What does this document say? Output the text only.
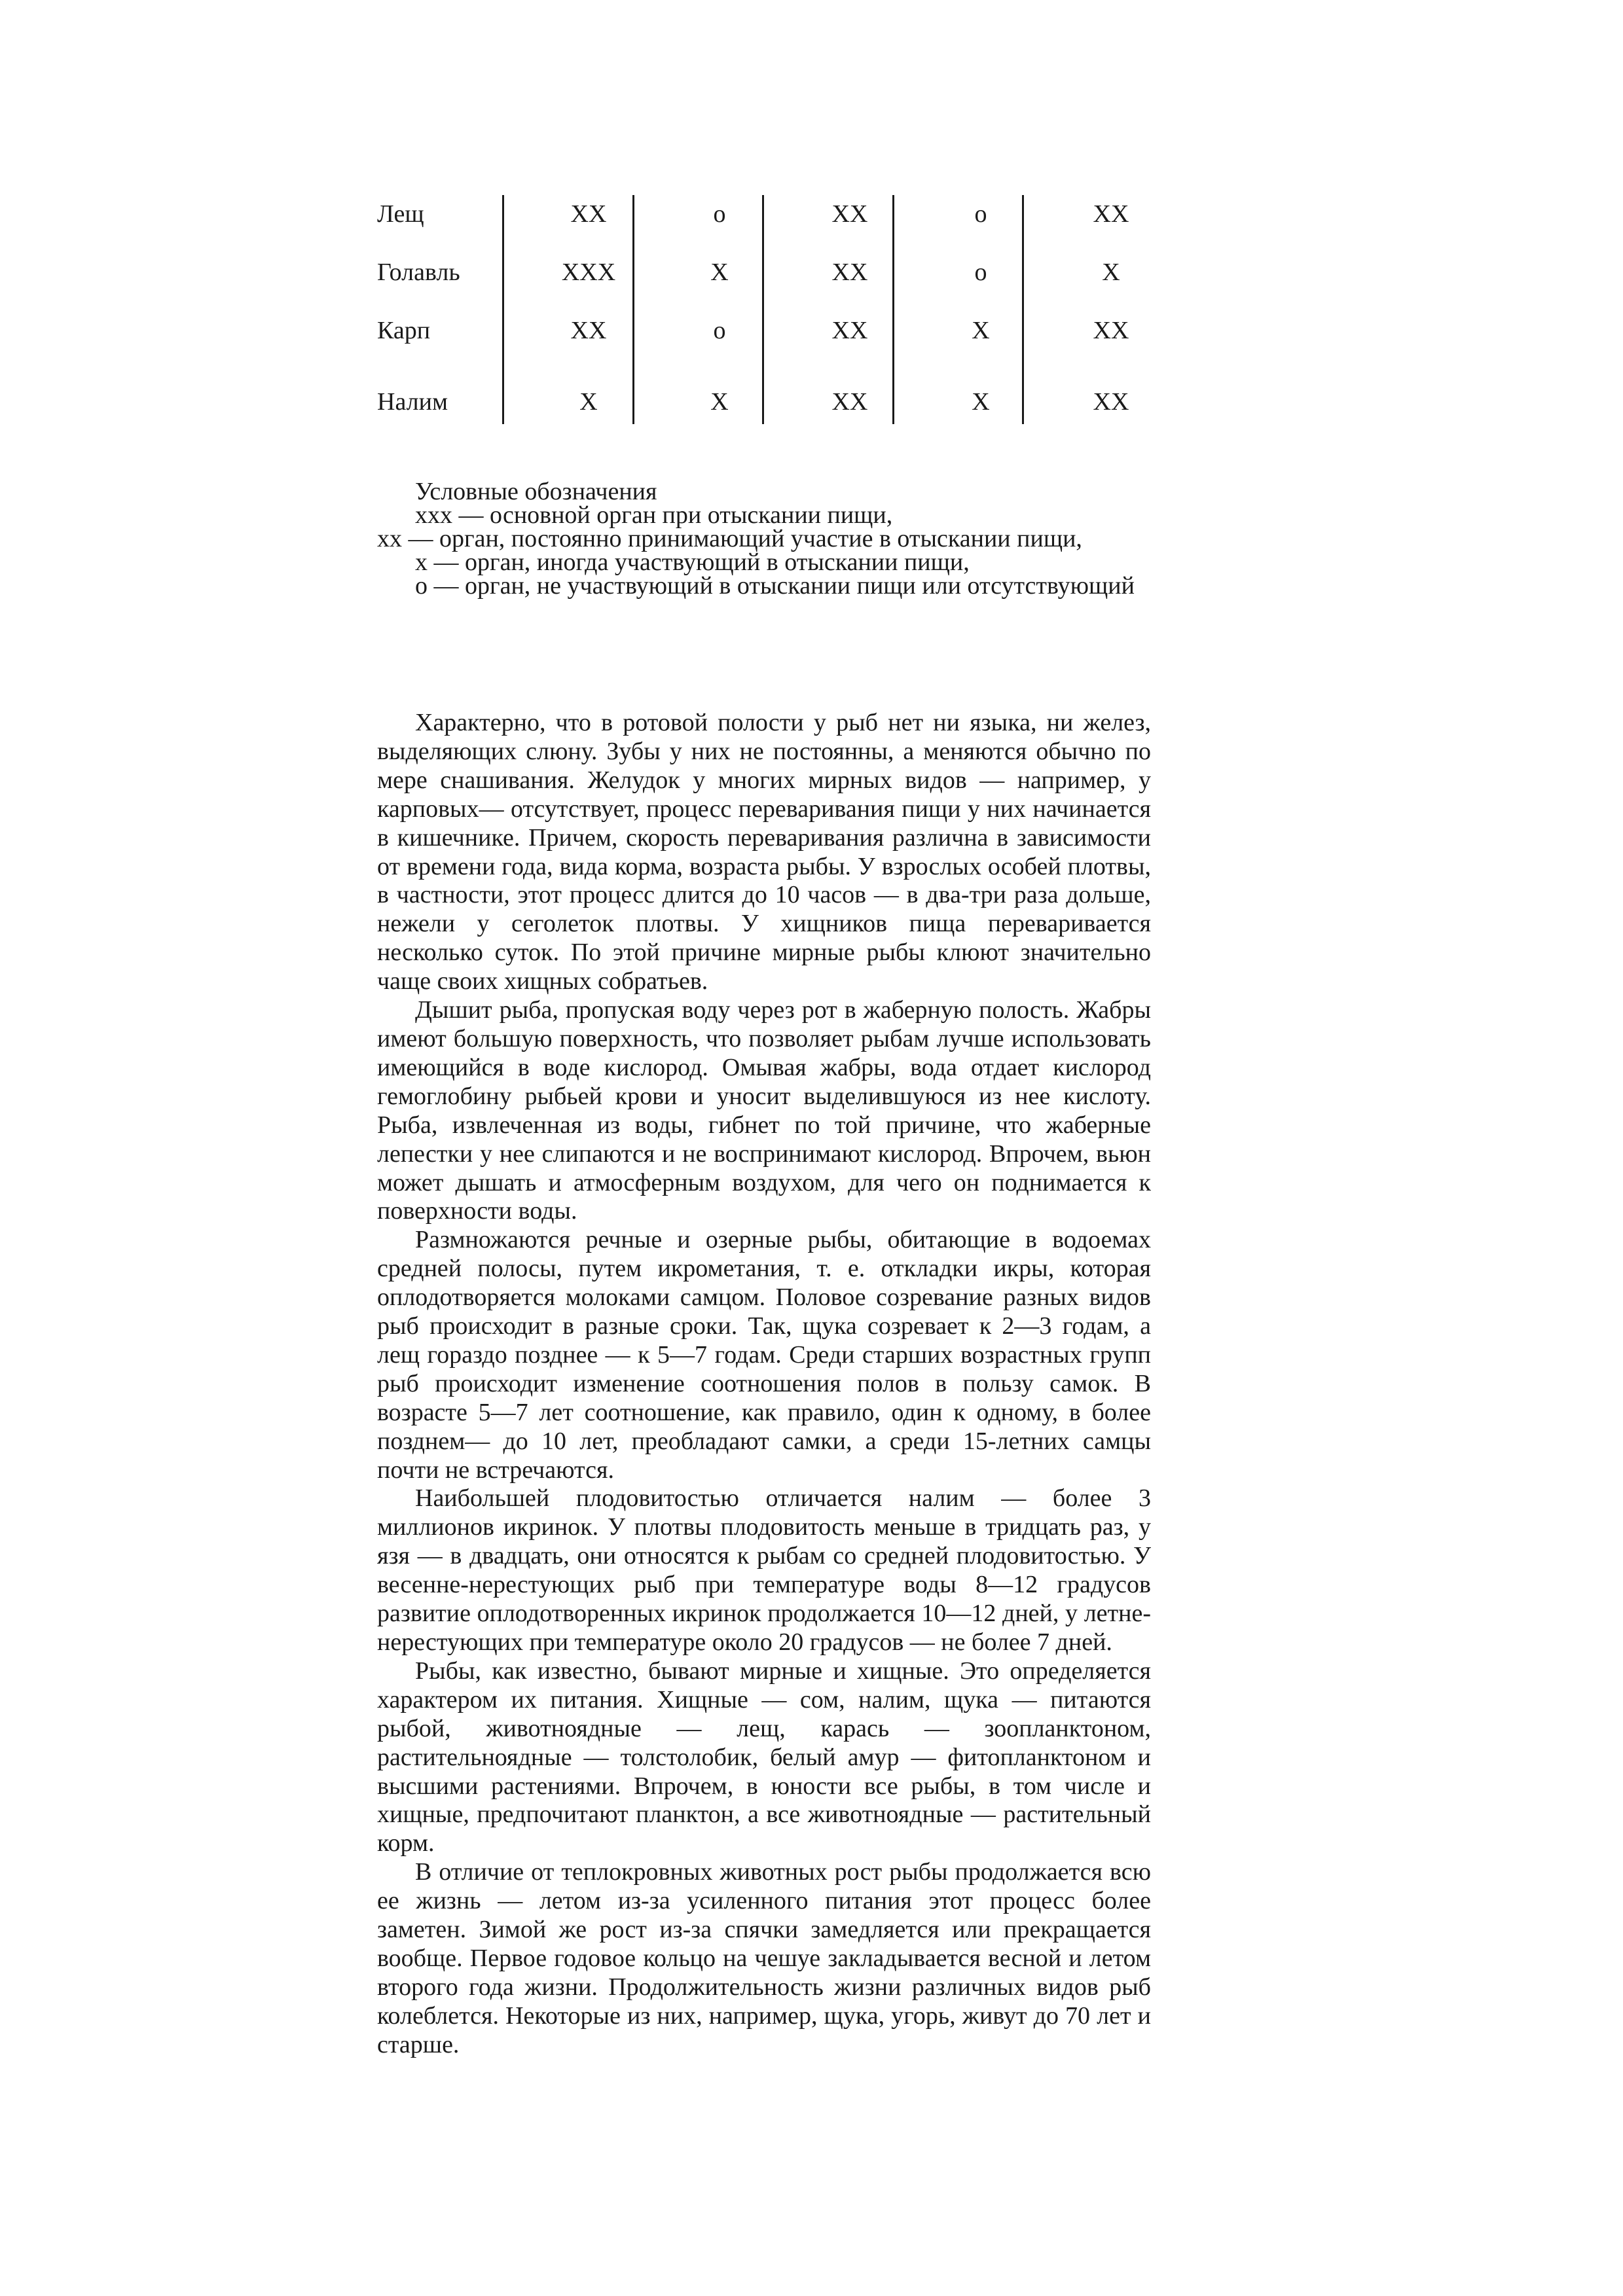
Лещ	XX	o	XX	o	XX
Голавль	XXX	X	XX	o	X
Карп	XX	o	XX	X	XX
Налим	X	X	XX	X	XX
Условные обозначения
ххх — основной орган при отыскании пищи,
хх — орган, постоянно принимающий участие в отыскании пищи,
х — орган, иногда участвующий в отыскании пищи,
о — орган, не участвующий в отыскании пищи или отсутствующий

Характерно, что в ротовой полости у рыб нет ни языка, ни желез, выделяющих слюну. Зубы у них не постоянны, а меняются обычно по мере снашивания. Желудок у многих мирных видов — например, у карповых— отсутствует, процесс переваривания пищи у них начинается в кишечнике. Причем, скорость переваривания различна в зависимости от времени года, вида корма, возраста рыбы. У взрослых особей плотвы, в частности, этот процесс длится до 10 часов — в два-три раза дольше, нежели у сеголеток плотвы. У хищников пища переваривается несколько суток. По этой причине мирные рыбы клюют значительно чаще своих хищных собратьев.

Дышит рыба, пропуская воду через рот в жаберную полость. Жабры имеют большую поверхность, что позволяет рыбам лучше использовать имеющийся в воде кислород. Омывая жабры, вода отдает кислород гемоглобину рыбьей крови и уносит выделившуюся из нее кислоту. Рыба, извлеченная из воды, гибнет по той причине, что жаберные лепестки у нее слипаются и не воспринимают кислород. Впрочем, вьюн может дышать и атмосферным воздухом, для чего он поднимается к поверхности воды.

Размножаются речные и озерные рыбы, обитающие в водоемах средней полосы, путем икрометания, т. е. откладки икры, которая оплодотворяется молоками самцом. Половое созревание разных видов рыб происходит в разные сроки. Так, щука созревает к 2—3 годам, а лещ гораздо позднее — к 5—7 годам. Среди старших возрастных групп рыб происходит изменение соотношения полов в пользу самок. В возрасте 5—7 лет соотношение, как правило, один к одному, в более позднем— до 10 лет, преобладают самки, а среди 15-летних самцы почти не встречаются.

Наибольшей плодовитостью отличается налим — более 3 миллионов икринок. У плотвы плодовитость меньше в тридцать раз, у язя — в двадцать, они относятся к рыбам со средней плодовитостью. У весенне-нерестующих рыб при температуре воды 8—12 градусов развитие оплодотворенных икринок продолжается 10—12 дней, у летне-нерестующих при температуре около 20 градусов — не более 7 дней.

Рыбы, как известно, бывают мирные и хищные. Это определяется характером их питания. Хищные — сом, налим, щука — питаются рыбой, животноядные — лещ, карась — зоопланктоном, растительноядные — толстолобик, белый амур — фитопланктоном и высшими растениями. Впрочем, в юности все рыбы, в том числе и хищные, предпочитают планктон, а все животноядные — растительный корм.

В отличие от теплокровных животных рост рыбы продолжается всю ее жизнь — летом из-за усиленного питания этот процесс более заметен. Зимой же рост из-за спячки замедляется или прекращается вообще. Первое годовое кольцо на чешуе закладывается весной и летом второго года жизни. Продолжительность жизни различных видов рыб колеблется. Некоторые из них, например, щука, угорь, живут до 70 лет и старше.
